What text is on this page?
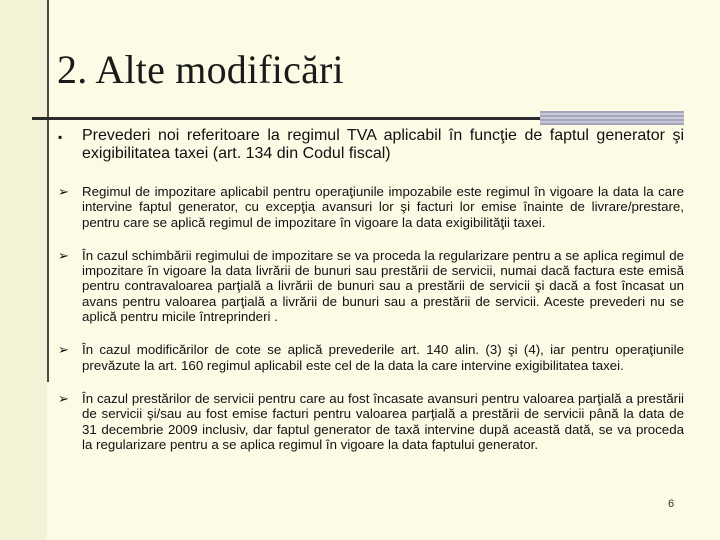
2. Alte modificări
▪ Prevederi noi referitoare la regimul TVA aplicabil în funcţie de faptul generator şi exigibilitatea taxei (art. 134 din Codul fiscal)
➢ Regimul de impozitare aplicabil pentru operaţiunile impozabile este regimul în vigoare la data la care intervine faptul generator, cu excepţia avansuri lor şi facturi lor emise înainte de livrare/prestare, pentru care se aplică regimul de impozitare în vigoare la data exigibilităţii taxei.
➢ În cazul schimbării regimului de impozitare se va proceda la regularizare pentru a se aplica regimul de impozitare în vigoare la data livrării de bunuri sau prestării de servicii, numai dacă factura este emisă pentru contravaloarea parţială a livrării de bunuri sau a prestării de servicii şi dacă a fost încasat un avans pentru valoarea parţială a livrării de bunuri sau a prestării de servicii. Aceste prevederi nu se aplică pentru micile întreprinderi .
➢ În cazul modificărilor de cote se aplică prevederile art. 140 alin. (3) şi (4), iar pentru operaţiunile prevăzute la art. 160 regimul aplicabil este cel de la data la care intervine exigibilitatea taxei.
➢ În cazul prestărilor de servicii pentru care au fost încasate avansuri pentru valoarea parţială a prestării de servicii şi/sau au fost emise facturi pentru valoarea parţială a prestării de servicii până la data de 31 decembrie 2009 inclusiv, dar faptul generator de taxă intervine după această dată, se va proceda la regularizare pentru a se aplica regimul în vigoare la data faptului generator.
6
